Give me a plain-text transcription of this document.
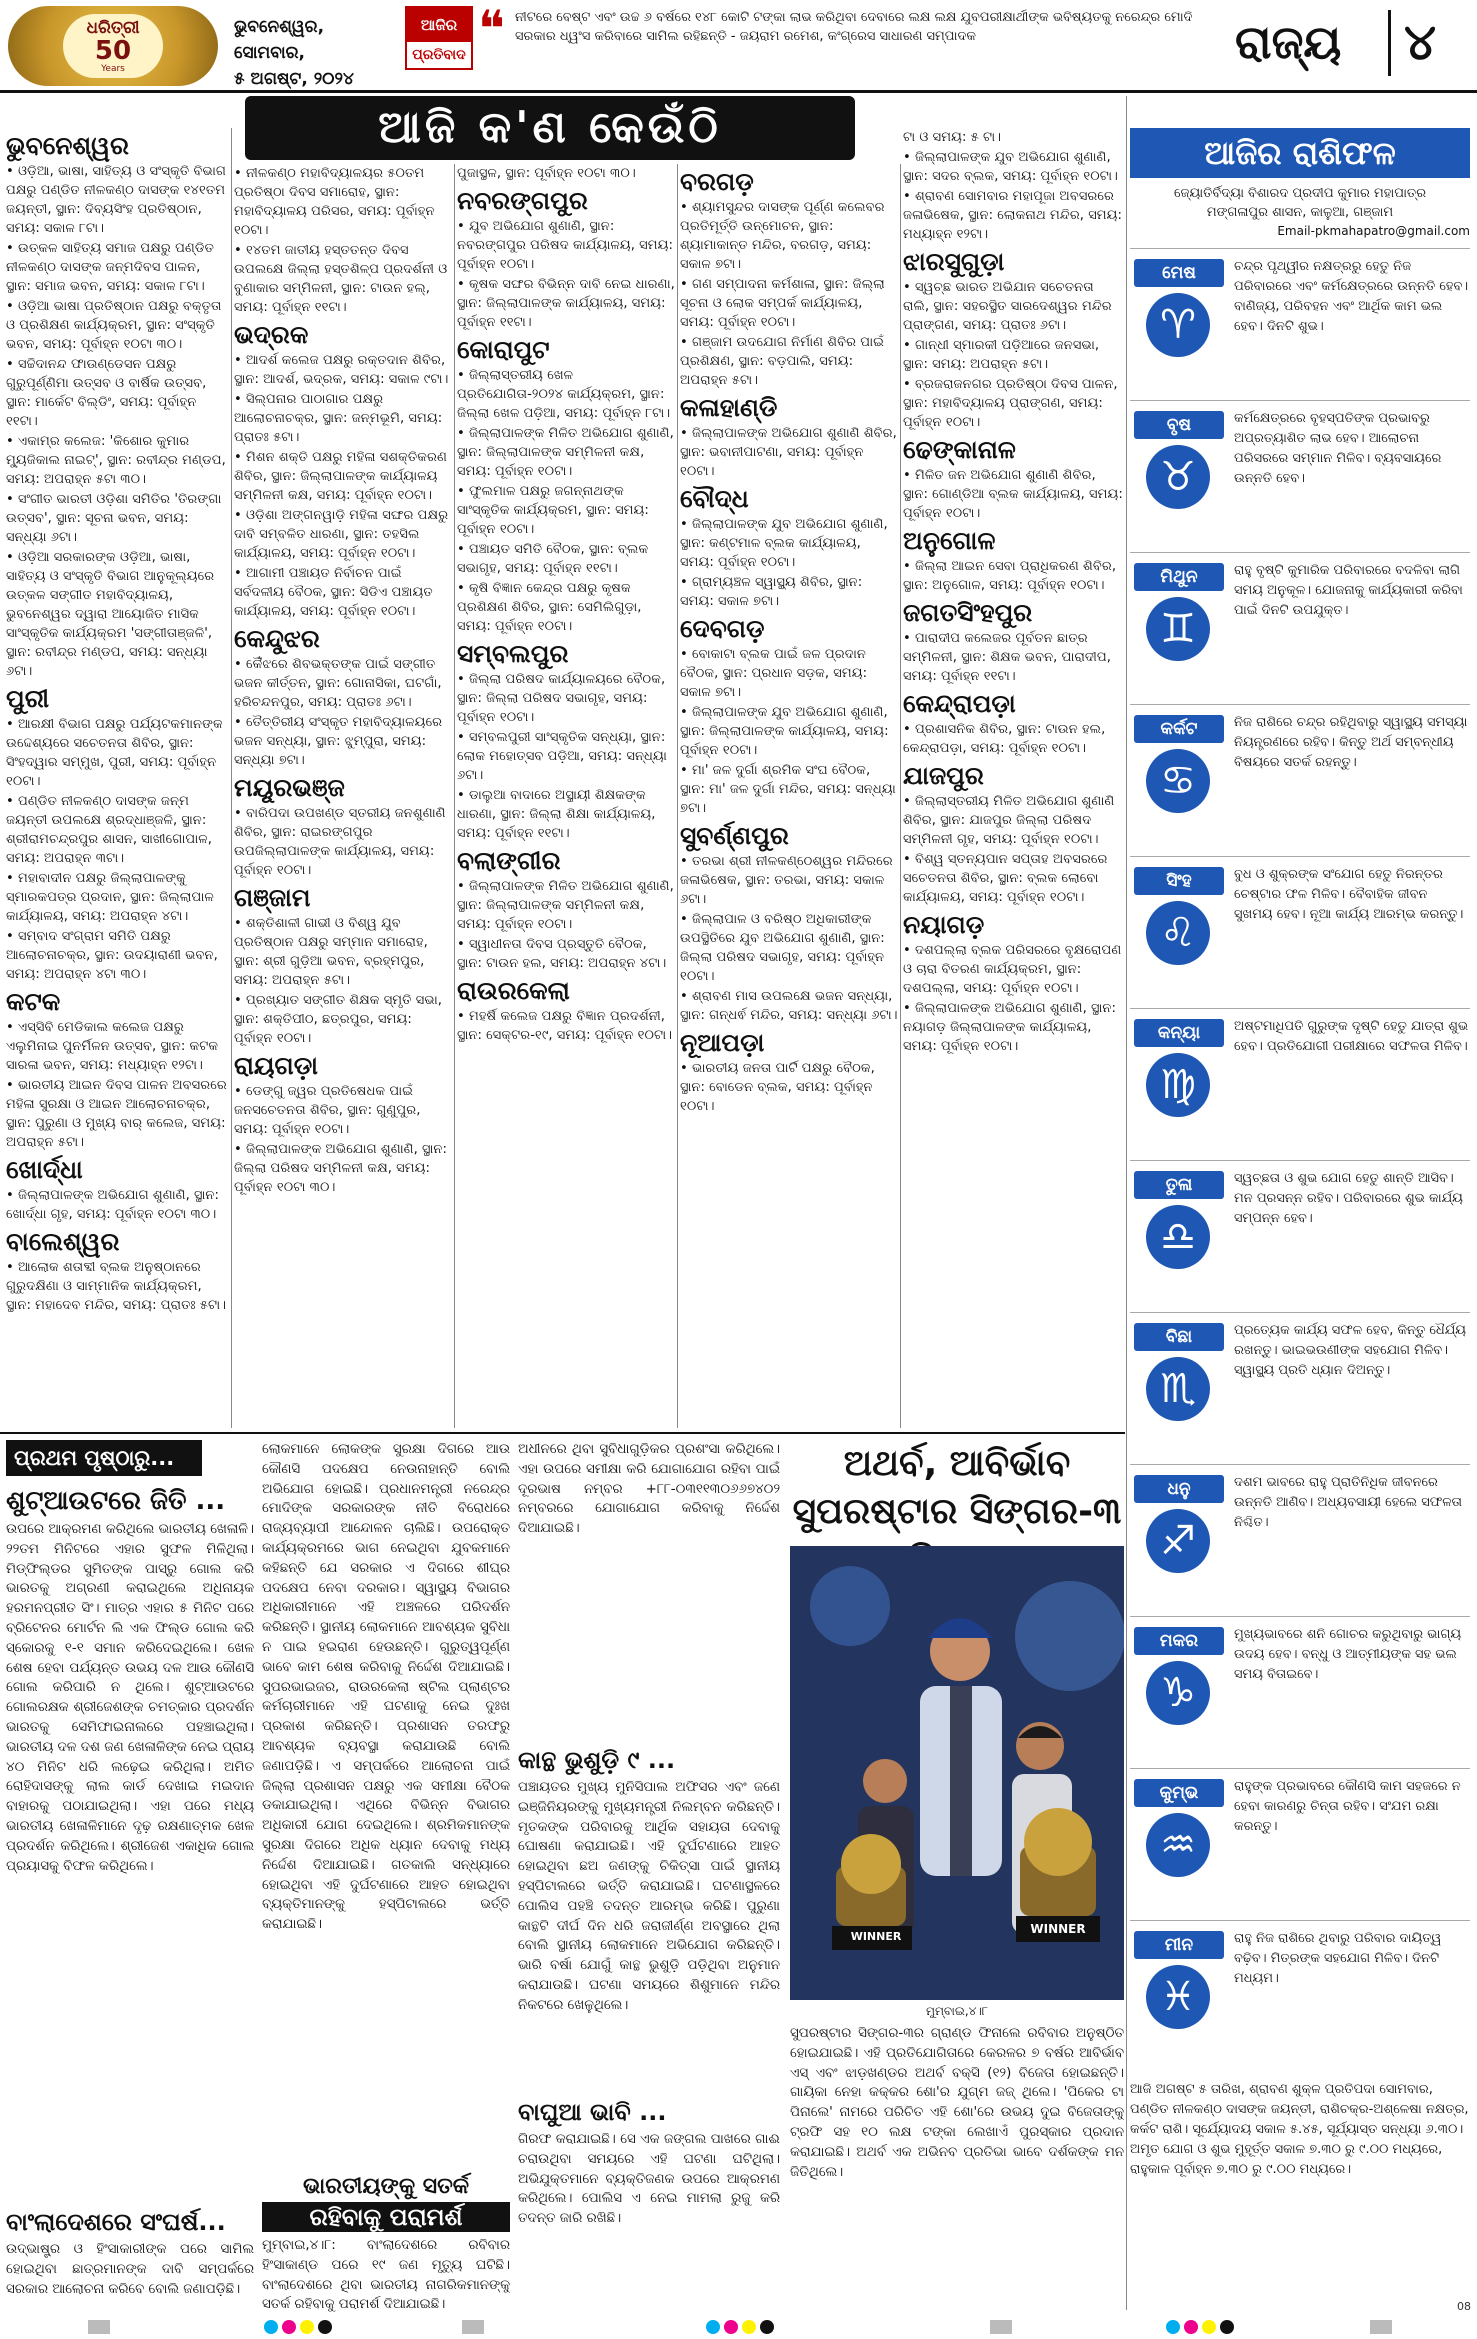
ଧରିତ୍ରୀ
50
Years
ଭୁବନେଶ୍ୱର, ସୋମବାର,
୫ ଅଗଷ୍ଟ, ୨୦୨୪
ଆଜିର
ପ୍ରତିବାଦ ❝ ନୀଟରେ ବେଷ୍ଟ ଏବଂ ଉଚ୍ଚ ୬ ବର୍ଷରେ ୧୪୮ କୋଟି ଟଙ୍କା ଲାଭ କରିଥିବା ଦେବାରେ ଲକ୍ଷ ଲକ୍ଷ ଯୁବପରୀକ୍ଷାର୍ଥୀଙ୍କ ଭବିଷ୍ୟତକୁ ନରେନ୍ଦ୍ର ମୋଦି ସରକାର ଧ୍ୱଂସ କରିବାରେ ସାମିଲ ରହିଛନ୍ତି - ଜୟରାମ ରମେଶ, କଂଗ୍ରେସ ସାଧାରଣ ସମ୍ପାଦକ	ରାଜ୍ୟ ୪
ଆଜି କ'ଣ କେଉଁଠି
ଭୁବନେଶ୍ୱର
• ଓଡ଼ିଆ, ଭାଷା, ସାହିତ୍ୟ ଓ ସଂସ୍କୃତି ବିଭାଗ ପକ୍ଷରୁ ପଣ୍ଡିତ ନୀଳକଣ୍ଠ ଦାସଙ୍କ ୧୪୧ତମ ଜୟନ୍ତୀ, ସ୍ଥାନ: ଦିବ୍ୟସିଂହ ପ୍ରତିଷ୍ଠାନ, ସମୟ: ସକାଳ ୮ଟା।
• ଉତ୍କଳ ସାହିତ୍ୟ ସମାଜ ପକ୍ଷରୁ ପଣ୍ଡିତ ନୀଳକଣ୍ଠ ଦାସଙ୍କ ଜନ୍ମଦିବସ ପାଳନ, ସ୍ଥାନ: ସମାଜ ଭବନ, ସମୟ: ସକାଳ ୮ଟା।
• ଓଡ଼ିଆ ଭାଷା ପ୍ରତିଷ୍ଠାନ ପକ୍ଷରୁ ବକ୍ତୃତା ଓ ପ୍ରଶିକ୍ଷଣ କାର୍ଯ୍ୟକ୍ରମ, ସ୍ଥାନ: ସଂସ୍କୃତି ଭବନ, ସମୟ: ପୂର୍ବାହ୍ନ ୧୦ଟା ୩୦।
• ସଚ୍ଚିଦାନନ୍ଦ ଫାଉଣ୍ଡେସନ ପକ୍ଷରୁ ଗୁରୁପୂର୍ଣ୍ଣିମା ଉତ୍ସବ ଓ ବାର୍ଷିକ ଉତ୍ସବ, ସ୍ଥାନ: ମାର୍କେଟ ବିଲ୍ଡିଂ, ସମୟ: ପୂର୍ବାହ୍ନ ୧୧ଟା।
• ଏକାମ୍ର କଲେଜ: 'କିଶୋର କୁମାର ମ୍ୟୁଜିକାଲ ନାଇଟ୍', ସ୍ଥାନ: ରବୀନ୍ଦ୍ର ମଣ୍ଡପ, ସମୟ: ଅପରାହ୍ନ ୫ଟା ୩୦।
• ସଂଗୀତ ଭାରତୀ ଓଡ଼ିଶା ସମିତିର 'ତିରଙ୍ଗା ଉତ୍ସବ', ସ୍ଥାନ: ସୂଚନା ଭବନ, ସମୟ: ସନ୍ଧ୍ୟା ୬ଟା।
• ଓଡ଼ିଆ ସରକାରଙ୍କ ଓଡ଼ିଆ, ଭାଷା, ସାହିତ୍ୟ ଓ ସଂସ୍କୃତି ବିଭାଗ ଆନୁକୂଲ୍ୟରେ ଉତ୍କଳ ସଙ୍ଗୀତ ମହାବିଦ୍ୟାଳୟ, ଭୁବନେଶ୍ୱର ଦ୍ୱାରା ଆୟୋଜିତ ମାସିକ ସାଂସ୍କୃତିକ କାର୍ଯ୍ୟକ୍ରମ 'ସଙ୍ଗୀତାଞ୍ଜଳି', ସ୍ଥାନ: ରବୀନ୍ଦ୍ର ମଣ୍ଡପ, ସମୟ: ସନ୍ଧ୍ୟା ୬ଟା।
ପୁରୀ
• ଆରକ୍ଷୀ ବିଭାଗ ପକ୍ଷରୁ ପର୍ଯ୍ୟଟକମାନଙ୍କ ଉଦ୍ଦେଶ୍ୟରେ ସଚେତନତା ଶିବିର, ସ୍ଥାନ: ସିଂହଦ୍ୱାର ସମ୍ମୁଖ, ପୁରୀ, ସମୟ: ପୂର୍ବାହ୍ନ ୧୦ଟା।
• ପଣ୍ଡିତ ନୀଳକଣ୍ଠ ଦାସଙ୍କ ଜନ୍ମ ଜୟନ୍ତୀ ଉପଲକ୍ଷେ ଶ୍ରଦ୍ଧାଞ୍ଜଳି, ସ୍ଥାନ: ଶ୍ରୀରାମଚନ୍ଦ୍ରପୁର ଶାସନ, ସାଖୀଗୋପାଳ, ସମୟ: ଅପରାହ୍ନ ୩ଟା।
• ମହାବାଦୀନ ପକ୍ଷରୁ ଜିଲ୍ଲାପାଳଙ୍କୁ ସ୍ମାରକପତ୍ର ପ୍ରଦାନ, ସ୍ଥାନ: ଜିଲ୍ଲାପାଳ କାର୍ଯ୍ୟାଳୟ, ସମୟ: ଅପରାହ୍ନ ୪ଟା।
• ସମ୍ବାଦ ସଂଗ୍ରାମ ସମିତି ପକ୍ଷରୁ ଆଲୋଚନାଚକ୍ର, ସ୍ଥାନ: ଉଦୟାରାଣୀ ଭବନ, ସମୟ: ଅପରାହ୍ନ ୪ଟା ୩୦।
କଟକ
• ଏସ୍‌ସିବି ମେଡିକାଲ କଲେଜ ପକ୍ଷରୁ ଏଲୁମିନାଇ ପୁନର୍ମିଳନ ଉତ୍ସବ, ସ୍ଥାନ: କଟକ ସାରଳା ଭବନ, ସମୟ: ମଧ୍ୟାହ୍ନ ୧୨ଟା।
• ଭାରତୀୟ ଆଇନ ଦିବସ ପାଳନ ଅବସରରେ ମହିଳା ସୁରକ୍ଷା ଓ ଆଇନ ଆଲୋଚନାଚକ୍ର, ସ୍ଥାନ: ପୁରୁଣା ଓ ମୁଖ୍ୟ ବାର୍ କଲେଜ, ସମୟ: ଅପରାହ୍ନ ୫ଟା।
ଖୋର୍ଦ୍ଧା
• ଜିଲ୍ଲାପାଳଙ୍କ ଅଭିଯୋଗ ଶୁଣାଣି, ସ୍ଥାନ: ଖୋର୍ଦ୍ଧା ଗୃହ, ସମୟ: ପୂର୍ବାହ୍ନ ୧୦ଟା ୩୦।
ବାଲେଶ୍ୱର
• ଆଲୋକ ଶତାବ୍ଦୀ ବ୍ଲକ ଅନୁଷ୍ଠାନରେ ଗୁରୁଦକ୍ଷିଣା ଓ ସାମ୍ମାନିକ କାର୍ଯ୍ୟକ୍ରମ, ସ୍ଥାନ: ମହାଦେବ ମନ୍ଦିର, ସମୟ: ପ୍ରାତଃ ୫ଟା।
• ନୀଳକଣ୍ଠ ମହାବିଦ୍ୟାଳୟର ୫୦ତମ ପ୍ରତିଷ୍ଠା ଦିବସ ସମାରୋହ, ସ୍ଥାନ: ମହାବିଦ୍ୟାଳୟ ପରିସର, ସମୟ: ପୂର୍ବାହ୍ନ ୧୦ଟା।
• ୧୪ତମ ଜାତୀୟ ହସ୍ତତନ୍ତ ଦିବସ ଉପଲକ୍ଷେ ଜିଲ୍ଲା ହସ୍ତଶିଳ୍ପ ପ୍ରଦର୍ଶନୀ ଓ ବୁଣାକାର ସମ୍ମିଳନୀ, ସ୍ଥାନ: ଟାଉନ ହଲ୍, ସମୟ: ପୂର୍ବାହ୍ନ ୧୧ଟା।
ଭଦ୍ରକ
• ଆଦର୍ଶ କଲେଜ ପକ୍ଷରୁ ରକ୍ତଦାନ ଶିବିର, ସ୍ଥାନ: ଆଦର୍ଶ, ଭଦ୍ରକ, ସମୟ: ସକାଳ ୯ଟା।
• ସିଲ୍ପନାର ପାଠାଗାର ପକ୍ଷରୁ ଆଲୋଚନାଚକ୍ର, ସ୍ଥାନ: ଜନ୍ମଭୂମି, ସମୟ: ପ୍ରାତଃ ୫ଟା।
• ମିଶନ ଶକ୍ତି ପକ୍ଷରୁ ମହିଳା ସଶକ୍ତିକରଣ ଶିବିର, ସ୍ଥାନ: ଜିଲ୍ଲାପାଳଙ୍କ କାର୍ଯ୍ୟାଳୟ ସମ୍ମିଳନୀ କକ୍ଷ, ସମୟ: ପୂର୍ବାହ୍ନ ୧୦ଟା।
• ଓଡ଼ିଶା ଅଙ୍ଗନୱାଡ଼ି ମହିଳା ସଙ୍ଘର ପକ୍ଷରୁ ଦାବି ସମ୍ବଳିତ ଧାରଣା, ସ୍ଥାନ: ତହସିଲ କାର୍ଯ୍ୟାଳୟ, ସମୟ: ପୂର୍ବାହ୍ନ ୧୦ଟା।
• ଆଗାମୀ ପଞ୍ଚାୟତ ନିର୍ବାଚନ ପାଇଁ ସର୍ବଦଳୀୟ ବୈଠକ, ସ୍ଥାନ: ସିଡିଏ ପଞ୍ଚାୟତ କାର୍ଯ୍ୟାଳୟ, ସମୟ: ପୂର୍ବାହ୍ନ ୧୦ଟା।
କେନ୍ଦୁଝର
• କୈଁଝରେ ଶିବଭକ୍ତଙ୍କ ପାଇଁ ସଙ୍ଗୀତ ଭଜନ କୀର୍ତ୍ତନ, ସ୍ଥାନ: ଗୋନାସିକା, ଘଟଗାଁ, ହରିଚନ୍ଦନପୁର, ସମୟ: ପ୍ରାତଃ ୬ଟା।
• ତୈତ୍ତିରୀୟ ସଂସ୍କୃତ ମହାବିଦ୍ୟାଳୟରେ ଭଜନ ସନ୍ଧ୍ୟା, ସ୍ଥାନ: ଝୁମ୍ପୁରା, ସମୟ: ସନ୍ଧ୍ୟା ୭ଟା।
ମୟୂରଭଞ୍ଜ
• ବାରିପଦା ଉପଖଣ୍ଡ ସ୍ତରୀୟ ଜନଶୁଣାଣି ଶିବିର, ସ୍ଥାନ: ରାଇରଙ୍ଗପୁର ଉପଜିଲ୍ଲାପାଳଙ୍କ କାର୍ଯ୍ୟାଳୟ, ସମୟ: ପୂର୍ବାହ୍ନ ୧୦ଟା।
ଗଞ୍ଜାମ
• ଶକ୍ତିଶାଳୀ ଗାଭୀ ଓ ବିଶ୍ୱ ଯୁବ ପ୍ରତିଷ୍ଠାନ ପକ୍ଷରୁ ସମ୍ମାନ ସମାରୋହ, ସ୍ଥାନ: ଶ୍ରୀ ଗୁଡ଼ିଆ ଭବନ, ବ୍ରହ୍ମପୁର, ସମୟ: ଅପରାହ୍ନ ୫ଟା।
• ପ୍ରଖ୍ୟାତ ସଙ୍ଗୀତ ଶିକ୍ଷକ ସ୍ମୃତି ସଭା, ସ୍ଥାନ: ଶକ୍ତିପୀଠ, ଛତ୍ରପୁର, ସମୟ: ପୂର୍ବାହ୍ନ ୧୦ଟା।
ରାୟଗଡ଼ା
• ଡେଙ୍ଗୁ ଜ୍ୱର ପ୍ରତିଷେଧକ ପାଇଁ ଜନସଚେତନତା ଶିବିର, ସ୍ଥାନ: ଗୁଣୁପୁର, ସମୟ: ପୂର୍ବାହ୍ନ ୧୦ଟା।
• ଜିଲ୍ଲାପାଳଙ୍କ ଅଭିଯୋଗ ଶୁଣାଣି, ସ୍ଥାନ: ଜିଲ୍ଲା ପରିଷଦ ସମ୍ମିଳନୀ କକ୍ଷ, ସମୟ: ପୂର୍ବାହ୍ନ ୧୦ଟା ୩୦।
ପୁଜାସ୍ଥଳ, ସ୍ଥାନ: ପୂର୍ବାହ୍ନ ୧୦ଟା ୩୦।
ନବରଙ୍ଗପୁର
• ଯୁବ ଅଭିଯୋଗ ଶୁଣାଣି, ସ୍ଥାନ: ନବରଙ୍ଗପୁର ପରିଷଦ କାର୍ଯ୍ୟାଳୟ, ସମୟ: ପୂର୍ବାହ୍ନ ୧୦ଟା।
• କୃଷକ ସଙ୍ଘର ବିଭିନ୍ନ ଦାବି ନେଇ ଧାରଣା, ସ୍ଥାନ: ଜିଲ୍ଲାପାଳଙ୍କ କାର୍ଯ୍ୟାଳୟ, ସମୟ: ପୂର୍ବାହ୍ନ ୧୧ଟା।
କୋରାପୁଟ
• ଜିଲ୍ଲାସ୍ତରୀୟ ଖେଳ ପ୍ରତିଯୋଗିତା-୨୦୨୪ କାର୍ଯ୍ୟକ୍ରମ, ସ୍ଥାନ: ଜିଲ୍ଲା ଖେଳ ପଡ଼ିଆ, ସମୟ: ପୂର୍ବାହ୍ନ ୮ଟା।
• ଜିଲ୍ଲାପାଳଙ୍କ ମିଳିତ ଅଭିଯୋଗ ଶୁଣାଣି, ସ୍ଥାନ: ଜିଲ୍ଲାପାଳଙ୍କ ସମ୍ମିଳନୀ କକ୍ଷ, ସମୟ: ପୂର୍ବାହ୍ନ ୧୦ଟା।
• ଫୁଲମାଳ ପକ୍ଷରୁ ଜଗନ୍ନାଥଙ୍କ ସାଂସ୍କୃତିକ କାର୍ଯ୍ୟକ୍ରମ, ସ୍ଥାନ: ସମୟ: ପୂର୍ବାହ୍ନ ୧୦ଟା।
• ପଞ୍ଚାୟତ ସମିତି ବୈଠକ, ସ୍ଥାନ: ବ୍ଲକ ସଭାଗୃହ, ସମୟ: ପୂର୍ବାହ୍ନ ୧୧ଟା।
• କୃଷି ବିଜ୍ଞାନ କେନ୍ଦ୍ର ପକ୍ଷରୁ କୃଷକ ପ୍ରଶିକ୍ଷଣ ଶିବିର, ସ୍ଥାନ: ସେମିଲିଗୁଡ଼ା, ସମୟ: ପୂର୍ବାହ୍ନ ୧୦ଟା।
ସମ୍ବଲପୁର
• ଜିଲ୍ଲା ପରିଷଦ କାର୍ଯ୍ୟାଳୟରେ ବୈଠକ, ସ୍ଥାନ: ଜିଲ୍ଲା ପରିଷଦ ସଭାଗୃହ, ସମୟ: ପୂର୍ବାହ୍ନ ୧୦ଟା।
• ସମ୍ବଲପୁରୀ ସାଂସ୍କୃତିକ ସନ୍ଧ୍ୟା, ସ୍ଥାନ: ଲୋକ ମହୋତ୍ସବ ପଡ଼ିଆ, ସମୟ: ସନ୍ଧ୍ୟା ୬ଟା।
• ଡାଲୁଆ ବାଦାରେ ଅସ୍ଥାୟୀ ଶିକ୍ଷକଙ୍କ ଧାରଣା, ସ୍ଥାନ: ଜିଲ୍ଲା ଶିକ୍ଷା କାର୍ଯ୍ୟାଳୟ, ସମୟ: ପୂର୍ବାହ୍ନ ୧୧ଟା।
ବଲାଙ୍ଗୀର
• ଜିଲ୍ଲାପାଳଙ୍କ ମିଳିତ ଅଭିଯୋଗ ଶୁଣାଣି, ସ୍ଥାନ: ଜିଲ୍ଲାପାଳଙ୍କ ସମ୍ମିଳନୀ କକ୍ଷ, ସମୟ: ପୂର୍ବାହ୍ନ ୧୦ଟା।
• ସ୍ୱାଧୀନତା ଦିବସ ପ୍ରସ୍ତୁତି ବୈଠକ, ସ୍ଥାନ: ଟାଉନ ହଲ, ସମୟ: ଅପରାହ୍ନ ୪ଟା।
ରାଉରକେଲା
• ମହର୍ଷି କଲେଜ ପକ୍ଷରୁ ବିଜ୍ଞାନ ପ୍ରଦର୍ଶନୀ, ସ୍ଥାନ: ସେକ୍ଟର-୧୯, ସମୟ: ପୂର୍ବାହ୍ନ ୧୦ଟା।
ବରଗଡ଼
• ଶ୍ୟାମସୁନ୍ଦର ଦାସଙ୍କ ପୂର୍ଣ୍ଣ କଲେବର ପ୍ରତିମୂର୍ତ୍ତି ଉନ୍ମୋଚନ, ସ୍ଥାନ: ଶ୍ୟାମାକାନ୍ତ ମନ୍ଦିର, ବରଗଡ଼, ସମୟ: ସକାଳ ୭ଟା।
• ଗଣ ସମ୍ପାଦନା କର୍ମଶାଳା, ସ୍ଥାନ: ଜିଲ୍ଲା ସୂଚନା ଓ ଲୋକ ସମ୍ପର୍କ କାର୍ଯ୍ୟାଳୟ, ସମୟ: ପୂର୍ବାହ୍ନ ୧୦ଟା।
• ଗଞ୍ଜାମ ଉଦଯୋଗ ନିର୍ମାଣ ଶିବିର ପାଇଁ ପ୍ରଶିକ୍ଷଣ, ସ୍ଥାନ: ବଡ଼ପାଲି, ସମୟ: ଅପରାହ୍ନ ୫ଟା।
କଳାହାଣ୍ଡି
• ଜିଲ୍ଲାପାଳଙ୍କ ଅଭିଯୋଗ ଶୁଣାଣି ଶିବିର, ସ୍ଥାନ: ଭବାନୀପାଟଣା, ସମୟ: ପୂର୍ବାହ୍ନ ୧୦ଟା।
ବୌଦ୍ଧ
• ଜିଲ୍ଲାପାଳଙ୍କ ଯୁବ ଅଭିଯୋଗ ଶୁଣାଣି, ସ୍ଥାନ: କଣ୍ଟମାଳ ବ୍ଲକ କାର୍ଯ୍ୟାଳୟ, ସମୟ: ପୂର୍ବାହ୍ନ ୧୦ଟା।
• ଗ୍ରାମ୍ୟଞ୍ଚଳ ସ୍ୱାସ୍ଥ୍ୟ ଶିବିର, ସ୍ଥାନ: ସମୟ: ସକାଳ ୭ଟା।
ଦେବଗଡ଼
• ବୋକାଟା ବ୍ଲକ ପାଇଁ ଜଳ ପ୍ରଦାନ ବୈଠକ, ସ୍ଥାନ: ପ୍ରଧାନ ସଡ଼କ, ସମୟ: ସକାଳ ୭ଟା।
• ଜିଲ୍ଲାପାଳଙ୍କ ଯୁବ ଅଭିଯୋଗ ଶୁଣାଣି, ସ୍ଥାନ: ଜିଲ୍ଲାପାଳଙ୍କ କାର୍ଯ୍ୟାଳୟ, ସମୟ: ପୂର୍ବାହ୍ନ ୧୦ଟା।
• ମା' ଜଳ ଦୁର୍ଗା ଶ୍ରମିକ ସଂଘ ବୈଠକ, ସ୍ଥାନ: ମା' ଜଳ ଦୁର୍ଗା ମନ୍ଦିର, ସମୟ: ସନ୍ଧ୍ୟା ୭ଟା।
ସୁବର୍ଣ୍ଣପୁର
• ତରଭା ଶ୍ରୀ ନୀଳକଣ୍ଠେଶ୍ୱର ମନ୍ଦିରରେ ଜଳାଭିଷେକ, ସ୍ଥାନ: ତରଭା, ସମୟ: ସକାଳ ୬ଟା।
• ଜିଲ୍ଲାପାଳ ଓ ବରିଷ୍ଠ ଅଧିକାରୀଙ୍କ ଉପସ୍ଥିତିରେ ଯୁବ ଅଭିଯୋଗ ଶୁଣାଣି, ସ୍ଥାନ: ଜିଲ୍ଲା ପରିଷଦ ସଭାଗୃହ, ସମୟ: ପୂର୍ବାହ୍ନ ୧୦ଟା।
• ଶ୍ରାବଣ ମାସ ଉପଲକ୍ଷେ ଭଜନ ସନ୍ଧ୍ୟା, ସ୍ଥାନ: ଗନ୍ଧର୍ଵ ମନ୍ଦିର, ସମୟ: ସନ୍ଧ୍ୟା ୬ଟା।
ନୂଆପଡ଼ା
• ଭାରତୀୟ ଜନତା ପାର୍ଟି ପକ୍ଷରୁ ବୈଠକ, ସ୍ଥାନ: ବୋଡେନ ବ୍ଲକ, ସମୟ: ପୂର୍ବାହ୍ନ ୧୦ଟା।
ଟା ଓ ସମୟ: ୫ ଟା।
• ଜିଲ୍ଲାପାଳଙ୍କ ଯୁବ ଅଭିଯୋଗ ଶୁଣାଣି, ସ୍ଥାନ: ସଦର ବ୍ଲକ, ସମୟ: ପୂର୍ବାହ୍ନ ୧୦ଟା।
• ଶ୍ରାବଣ ସୋମବାର ମହାପୂଜା ଅବସରରେ ଜଳାଭିଷେକ, ସ୍ଥାନ: ଲୋକନାଥ ମନ୍ଦିର, ସମୟ: ମଧ୍ୟାହ୍ନ ୧୨ଟା।
ଝାରସୁଗୁଡ଼ା
• ସ୍ୱଚ୍ଛ ଭାରତ ଅଭିଯାନ ସଚେତନତା ରାଲି, ସ୍ଥାନ: ସହରସ୍ଥିତ ସାରଦେଶ୍ୱର ମନ୍ଦିର ପ୍ରାଙ୍ଗଣ, ସମୟ: ପ୍ରାତଃ ୬ଟା।
• ଗାନ୍ଧୀ ସ୍ମାରକୀ ପଡ଼ିଆରେ ଜନସଭା, ସ୍ଥାନ: ସମୟ: ଅପରାହ୍ନ ୫ଟା।
• ବ୍ରଜରାଜନଗର ପ୍ରତିଷ୍ଠା ଦିବସ ପାଳନ, ସ୍ଥାନ: ମହାବିଦ୍ୟାଳୟ ପ୍ରାଙ୍ଗଣ, ସମୟ: ପୂର୍ବାହ୍ନ ୧୦ଟା।
ଢେଙ୍କାନାଳ
• ମିଳିତ ଜନ ଅଭିଯୋଗ ଶୁଣାଣି ଶିବିର, ସ୍ଥାନ: ଗୋଣ୍ଡିଆ ବ୍ଲକ କାର୍ଯ୍ୟାଳୟ, ସମୟ: ପୂର୍ବାହ୍ନ ୧୦ଟା।
ଅନୁଗୋଳ
• ଜିଲ୍ଲା ଆଇନ ସେବା ପ୍ରାଧିକରଣ ଶିବିର, ସ୍ଥାନ: ଅନୁଗୋଳ, ସମୟ: ପୂର୍ବାହ୍ନ ୧୦ଟା।
ଜଗତସିଂହପୁର
• ପାରାଦୀପ କଲେଜର ପୂର୍ବତନ ଛାତ୍ର ସମ୍ମିଳନୀ, ସ୍ଥାନ: ଶିକ୍ଷକ ଭବନ, ପାରାଦୀପ, ସମୟ: ପୂର୍ବାହ୍ନ ୧୧ଟା।
କେନ୍ଦ୍ରାପଡ଼ା
• ପ୍ରଶାସନିକ ଶିବିର, ସ୍ଥାନ: ଟାଉନ ହଲ, କେନ୍ଦ୍ରାପଡ଼ା, ସମୟ: ପୂର୍ବାହ୍ନ ୧୦ଟା।
ଯାଜପୁର
• ଜିଲ୍ଲାସ୍ତରୀୟ ମିଳିତ ଅଭିଯୋଗ ଶୁଣାଣି ଶିବିର, ସ୍ଥାନ: ଯାଜପୁର ଜିଲ୍ଲା ପରିଷଦ ସମ୍ମିଳନୀ ଗୃହ, ସମୟ: ପୂର୍ବାହ୍ନ ୧୦ଟା।
• ବିଶ୍ୱ ସ୍ତନ୍ୟପାନ ସପ୍ତାହ ଅବସରରେ ସଚେତନତା ଶିବିର, ସ୍ଥାନ: ବ୍ଲକ ଲୋବୋ କାର୍ଯ୍ୟାଳୟ, ସମୟ: ପୂର୍ବାହ୍ନ ୧୦ଟା।
ନୟାଗଡ଼
• ଦଶପଲ୍ଲା ବ୍ଲକ ପରିସରରେ ବୃକ୍ଷରୋପଣ ଓ ଚାରା ବିତରଣ କାର୍ଯ୍ୟକ୍ରମ, ସ୍ଥାନ: ଦଶପଲ୍ଲା, ସମୟ: ପୂର୍ବାହ୍ନ ୧୦ଟା।
• ଜିଲ୍ଲାପାଳଙ୍କ ଅଭିଯୋଗ ଶୁଣାଣି, ସ୍ଥାନ: ନୟାଗଡ଼ ଜିଲ୍ଲାପାଳଙ୍କ କାର୍ଯ୍ୟାଳୟ, ସମୟ: ପୂର୍ବାହ୍ନ ୧୦ଟା।
ଆଜିର ରାଶିଫଳ
ଜ୍ୟୋତିର୍ବିଦ୍ୟା ବିଶାରଦ ପ୍ରଦୀପ କୁମାର ମହାପାତ୍ର
ମଙ୍ଗଳାପୁର ଶାସନ, କାଳୁଆ, ଗଞ୍ଜାମ
Email-pkmahapatro@gmail.com
ମେଷ
♈
ଚନ୍ଦ୍ର ପୃଥ୍ୱୀର ନକ୍ଷତ୍ରରୁ ହେତୁ ନିଜ ପରିବାରରେ ଏବଂ କର୍ମକ୍ଷେତ୍ରରେ ଉନ୍ନତି ହେବ। ବାଣିଜ୍ୟ, ପରିବହନ ଏବଂ ଆର୍ଥିକ କାମ ଭଲ ହେବ। ଦିନଟି ଶୁଭ।
ବୃଷ
♉
କର୍ମକ୍ଷେତ୍ରରେ ବୃହସ୍ପତିଙ୍କ ପ୍ରଭାବରୁ ଅପ୍ରତ୍ୟାଶିତ ଲାଭ ହେବ। ଆଲୋଚନା ପରିସରରେ ସମ୍ମାନ ମିଳିବ। ବ୍ୟବସାୟରେ ଉନ୍ନତି ହେବ।
ମିଥୁନ
♊
ରାହୁ ବୃଷ୍ଟି କୁମାରିକ ପରିବାରରେ ବଦଳିବା ଲାଗି ସମୟ ଅନୁକୂଳ। ଯୋଜନାକୁ କାର୍ଯ୍ୟକାରୀ କରିବା ପାଇଁ ଦିନଟି ଉପଯୁକ୍ତ।
କର୍କଟ
♋
ନିଜ ରାଶିରେ ଚନ୍ଦ୍ର ରହିଥିବାରୁ ସ୍ୱାସ୍ଥ୍ୟ ସମସ୍ୟା ନିୟନ୍ତ୍ରଣରେ ରହିବ। କିନ୍ତୁ ଅର୍ଥ ସମ୍ବନ୍ଧୀୟ ବିଷୟରେ ସତର୍କ ରହନ୍ତୁ।
ସିଂହ
♌
ବୁଧ ଓ ଶୁକ୍ରଙ୍କ ସଂଯୋଗ ହେତୁ ନିରନ୍ତର ଚେଷ୍ଟାର ଫଳ ମିଳିବ। ବୈବାହିକ ଜୀବନ ସୁଖମୟ ହେବ। ନୂଆ କାର୍ଯ୍ୟ ଆରମ୍ଭ କରନ୍ତୁ।
କନ୍ୟା
♍
ଅଷ୍ଟମାଧିପତି ଗୁରୁଙ୍କ ଦୃଷ୍ଟି ହେତୁ ଯାତ୍ରା ଶୁଭ ହେବ। ପ୍ରତିଯୋଗୀ ପରୀକ୍ଷାରେ ସଫଳତା ମିଳିବ।
ତୁଳା
♎
ସ୍ୱଚ୍ଛତା ଓ ଶୁଭ ଯୋଗ ହେତୁ ଶାନ୍ତି ଆସିବ। ମନ ପ୍ରସନ୍ନ ରହିବ। ପରିବାରରେ ଶୁଭ କାର୍ଯ୍ୟ ସମ୍ପନ୍ନ ହେବ।
ବିଛା
♏
ପ୍ରତ୍ୟେକ କାର୍ଯ୍ୟ ସଫଳ ହେବ, କିନ୍ତୁ ଧୈର୍ଯ୍ୟ ରଖନ୍ତୁ। ଭାଇଭଉଣୀଙ୍କ ସହଯୋଗ ମିଳିବ। ସ୍ୱାସ୍ଥ୍ୟ ପ୍ରତି ଧ୍ୟାନ ଦିଅନ୍ତୁ।
ଧନୁ
♐
ଦଶମ ଭାବରେ ରାହୁ ପ୍ରାତିନିଧିକ ଜୀବନରେ ଉନ୍ନତି ଆଣିବ। ଅଧ୍ୟବସାୟୀ ହେଲେ ସଫଳତା ନିଶ୍ଚିତ।
ମକର
♑
ମୁଖ୍ୟଭାବରେ ଶନି ଗୋଚର କରୁଥିବାରୁ ଭାଗ୍ୟ ଉଦୟ ହେବ। ବନ୍ଧୁ ଓ ଆତ୍ମୀୟଙ୍କ ସହ ଭଲ ସମୟ ବିତାଇବେ।
କୁମ୍ଭ
♒
ରାହୁଙ୍କ ପ୍ରଭାବରେ କୌଣସି କାମ ସହଜରେ ନ ହେବା କାରଣରୁ ଚିନ୍ତା ରହିବ। ସଂଯମ ରକ୍ଷା କରନ୍ତୁ।
ମୀନ
♓
ରାହୁ ନିଜ ରାଶିରେ ଥିବାରୁ ପରିବାର ଦାୟିତ୍ୱ ବଢ଼ିବ। ମିତ୍ରଙ୍କ ସହଯୋଗ ମିଳିବ। ଦିନଟି ମଧ୍ୟମ।
ଆଜି ଅଗଷ୍ଟ ୫ ତାରିଖ, ଶ୍ରାବଣ ଶୁକ୍ଳ ପ୍ରତିପଦା ସୋମବାର, ପଣ୍ଡିତ ନୀଳକଣ୍ଠ ଦାସଙ୍କ ଜୟନ୍ତୀ, ରାଶିଚକ୍ର-ଅଶ୍ଳେଷା ନକ୍ଷତ୍ର, କର୍କଟ ରାଶି। ସୂର୍ଯ୍ୟୋଦୟ ସକାଳ ୫.୪୫, ସୂର୍ଯ୍ୟାସ୍ତ ସନ୍ଧ୍ୟା ୬.୩୦। ଅମୃତ ଯୋଗ ଓ ଶୁଭ ମୁହୂର୍ତ୍ତ ସକାଳ ୭.୩୦ ରୁ ୯.୦୦ ମଧ୍ୟରେ, ରାହୁକାଳ ପୂର୍ବାହ୍ନ ୭.୩୦ ରୁ ୯.୦୦ ମଧ୍ୟରେ।
ପ୍ରଥମ ପୃଷ୍ଠାରୁ...
ଶୁଟ୍‌ଆଉଟରେ ଜିତି ...
ଉପରେ ଆକ୍ରମଣ କରିଥିଲେ ଭାରତୀୟ ଖେଳାଳି। ୨୨ତମ ମିନିଟରେ ଏହାର ସୁଫଳ ମିଳିଥିଲା। ମିଡ୍‌ଫିଲ୍ଡର ସୁମିତଙ୍କ ପାସ୍‌ରୁ ଗୋଲ କରି ଭାରତକୁ ଅଗ୍ରଣୀ କରାଇଥିଲେ ଅଧିନାୟକ ହରମନପ୍ରୀତ ସିଂ। ମାତ୍ର ଏହାର ୫ ମିନିଟ ପରେ ବ୍ରିଟେନର ମୋର୍ଟନ ଲି ଏକ ଫିଲ୍ଡ ଗୋଲ କରି ସ୍କୋରକୁ ୧-୧ ସମାନ କରିଦେଇଥିଲେ। ଖେଳ ଶେଷ ହେବା ପର୍ଯ୍ୟନ୍ତ ଉଭୟ ଦଳ ଆଉ କୌଣସି ଗୋଲ କରିପାରି ନ ଥିଲେ। ଶୁଟ୍‌ଆଉଟରେ ଗୋଲରକ୍ଷକ ଶ୍ରୀଜେଶଙ୍କ ଚମତ୍କାର ପ୍ରଦର୍ଶନ ଭାରତକୁ ସେମିଫାଇନାଲରେ ପହଞ୍ଚାଇଥିଲା। ଭାରତୀୟ ଦଳ ଦଶ ଜଣ ଖେଳାଳିଙ୍କ ନେଇ ପ୍ରାୟ ୪୦ ମିନିଟ ଧରି ଲଢ଼େଇ କରିଥିଲା। ଅମିତ ରୋହିଦାସଙ୍କୁ ଲାଲ କାର୍ଡ ଦେଖାଇ ମଇଦାନ ବାହାରକୁ ପଠାଯାଇଥିଲା। ଏହା ପରେ ମଧ୍ୟ ଭାରତୀୟ ଖେଳାଳିମାନେ ଦୃଢ଼ ରକ୍ଷଣାତ୍ମକ ଖେଳ ପ୍ରଦର୍ଶନ କରିଥିଲେ। ଶ୍ରୀଜେଶ ଏକାଧିକ ଗୋଲ ପ୍ରୟାସକୁ ବିଫଳ କରିଥିଲେ।
ଲୋକମାନେ ଲୋକଙ୍କ ସୁରକ୍ଷା ଦିଗରେ ଆଉ କୌଣସି ପଦକ୍ଷେପ ନେଉନାହାନ୍ତି ବୋଲି ଅଭିଯୋଗ ହୋଇଛି। ପ୍ରଧାନମନ୍ତ୍ରୀ ନରେନ୍ଦ୍ର ମୋଦିଙ୍କ ସରକାରଙ୍କ ନୀତି ବିରୋଧରେ ରାଜ୍ୟବ୍ୟାପୀ ଆନ୍ଦୋଳନ ଚାଲିଛି। ଉପରୋକ୍ତ କାର୍ଯ୍ୟକ୍ରମରେ ଭାଗ ନେଇଥିବା ଯୁବକମାନେ କହିଛନ୍ତି ଯେ ସରକାର ଏ ଦିଗରେ ଶୀଘ୍ର ପଦକ୍ଷେପ ନେବା ଦରକାର। ସ୍ୱାସ୍ଥ୍ୟ ବିଭାଗର ଅଧିକାରୀମାନେ ଏହି ଅଞ୍ଚଳରେ ପରିଦର୍ଶନ କରିଛନ୍ତି। ସ୍ଥାନୀୟ ଲୋକମାନେ ଆବଶ୍ୟକ ସୁବିଧା ନ ପାଇ ହଇରାଣ ହେଉଛନ୍ତି। ଗୁରୁତ୍ୱପୂର୍ଣ୍ଣ ଭାବେ କାମ ଶେଷ କରିବାକୁ ନିର୍ଦ୍ଦେଶ ଦିଆଯାଇଛି। ସୁପରଭାଇଜର, ରାଉରକେଲା ଷ୍ଟିଲ ପ୍ଲାଣ୍ଟର କର୍ମଚାରୀମାନେ ଏହି ଘଟଣାକୁ ନେଇ ଦୁଃଖ ପ୍ରକାଶ କରିଛନ୍ତି। ପ୍ରଶାସନ ତରଫରୁ ଆବଶ୍ୟକ ବ୍ୟବସ୍ଥା କରାଯାଉଛି ବୋଲି ଜଣାପଡ଼ିଛି। ଏ ସମ୍ପର୍କରେ ଆଲୋଚନା ପାଇଁ ଜିଲ୍ଲା ପ୍ରଶାସନ ପକ୍ଷରୁ ଏକ ସମୀକ୍ଷା ବୈଠକ ଡକାଯାଇଥିଲା। ଏଥିରେ ବିଭିନ୍ନ ବିଭାଗର ଅଧିକାରୀ ଯୋଗ ଦେଇଥିଲେ। ଶ୍ରମିକମାନଙ୍କ ସୁରକ୍ଷା ଦିଗରେ ଅଧିକ ଧ୍ୟାନ ଦେବାକୁ ମଧ୍ୟ ନିର୍ଦ୍ଦେଶ ଦିଆଯାଇଛି। ଗତକାଲି ସନ୍ଧ୍ୟାରେ ହୋଇଥିବା ଏହି ଦୁର୍ଘଟଣାରେ ଆହତ ହୋଇଥିବା ବ୍ୟକ୍ତିମାନଙ୍କୁ ହସ୍ପିଟାଲରେ ଭର୍ତ୍ତି କରାଯାଇଛି।
ଅଧୀନରେ ଥିବା ସୁବିଧାଗୁଡ଼ିକର ପ୍ରଶଂସା କରିଥିଲେ। ଏହା ଉପରେ ସମୀକ୍ଷା କରି ଯୋଗାଯୋଗ ରହିବା ପାଇଁ ଦୂରଭାଷ ନମ୍ବର +୮୮-୦୩୧୧୩୦୬୬୭୪୦୨ ନମ୍ବରରେ ଯୋଗାଯୋଗ କରିବାକୁ ନିର୍ଦ୍ଦେଶ ଦିଆଯାଇଛି।
ବାଂଲାଦେଶରେ ସଂଘର୍ଷ...
ଉଦ୍ଭାଷ୍ଟ୍ର ଓ ହିଂସାକାରୀଙ୍କ ପରେ ସାମିଲ ହୋଇଥିବା ଛାତ୍ରମାନଙ୍କ ଦାବି ସମ୍ପର୍କରେ ସରକାର ଆଲୋଚନା କରିବେ ବୋଲି ଜଣାପଡ଼ିଛି।
କାନ୍ଥ ଭୁଶୁଡ଼ି ୯ ...
ପଞ୍ଚାୟତର ମୁଖ୍ୟ ମୁନିସିପାଲ ଅଫିସର ଏବଂ ଜଣେ ଇଞ୍ଜିନିୟରଙ୍କୁ ମୁଖ୍ୟମନ୍ତ୍ରୀ ନିଲମ୍ବନ କରିଛନ୍ତି। ମୃତକଙ୍କ ପରିବାରକୁ ଆର୍ଥିକ ସହାୟତା ଦେବାକୁ ଘୋଷଣା କରାଯାଇଛି। ଏହି ଦୁର୍ଘଟଣାରେ ଆହତ ହୋଇଥିବା ଛଅ ଜଣଙ୍କୁ ଚିକିତ୍ସା ପାଇଁ ସ୍ଥାନୀୟ ହସ୍ପିଟାଲରେ ଭର୍ତ୍ତି କରାଯାଇଛି। ଘଟଣାସ୍ଥଳରେ ପୋଲିସ ପହଞ୍ଚି ତଦନ୍ତ ଆରମ୍ଭ କରିଛି। ପୁରୁଣା କାନ୍ଥଟି ଦୀର୍ଘ ଦିନ ଧରି ଜରାଜୀର୍ଣ୍ଣ ଅବସ୍ଥାରେ ଥିଲା ବୋଲି ସ୍ଥାନୀୟ ଲୋକମାନେ ଅଭିଯୋଗ କରିଛନ୍ତି। ଭାରି ବର୍ଷା ଯୋଗୁଁ କାନ୍ଥ ଭୁଶୁଡ଼ି ପଡ଼ିଥିବା ଅନୁମାନ କରାଯାଉଛି। ଘଟଣା ସମୟରେ ଶିଶୁମାନେ ମନ୍ଦିର ନିକଟରେ ଖେଳୁଥିଲେ।
ବାଘୁଆ ଭାବି ...
ଗିରଫ କରାଯାଇଛି। ସେ ଏକ ଜଙ୍ଗଲ ପାଖରେ ଗାଈ ଚରାଉଥିବା ସମୟରେ ଏହି ଘଟଣା ଘଟିଥିଲା। ଅଭିଯୁକ୍ତମାନେ ବ୍ୟକ୍ତିଜଣକ ଉପରେ ଆକ୍ରମଣ କରିଥିଲେ। ପୋଲିସ ଏ ନେଇ ମାମଲା ରୁଜୁ କରି ତଦନ୍ତ ଜାରି ରଖିଛି।
ଭାରତୀୟଙ୍କୁ ସତର୍କ
ରହିବାକୁ ପରାମର୍ଶ
ମୁମ୍ବାଇ,୪।୮: ବାଂଲାଦେଶରେ ରବିବାର ହିଂସାକାଣ୍ଡ ପରେ ୧୯ ଜଣ ମୃତ୍ୟୁ ଘଟିଛି। ବାଂଲାଦେଶରେ ଥିବା ଭାରତୀୟ ନାଗରିକମାନଙ୍କୁ ସତର୍କ ରହିବାକୁ ପରାମର୍ଶ ଦିଆଯାଇଛି।
ଅଥର୍ବ, ଆବିର୍ଭାବ ସୁପରଷ୍ଟାର ସିଙ୍ଗର-୩
WINNER
WINNER
ମୁମ୍ବାଇ,୪।୮
ସୁପରଷ୍ଟାର ସିଙ୍ଗର-୩ର ଗ୍ରାଣ୍ଡ ଫିନାଲେ ରବିବାର ଅନୁଷ୍ଠିତ ହୋଇଯାଇଛି। ଏହି ପ୍ରତିଯୋଗିତାରେ କେରଳର ୭ ବର୍ଷର ଆବିର୍ଭାବ ଏସ୍‌ ଏବଂ ଝାଡ଼ଖଣ୍ଡର ଅଥର୍ବ ବକ୍ସି (୧୨) ବିଜେତା ହୋଇଛନ୍ତି। ଗାୟିକା ନେହା କକ୍କର ଶୋ'ର ଯୁଗ୍ମ ଜଜ୍‌ ଥିଲେ। 'ପିକେର ଟା ପିନାଲେ' ନାମରେ ପରିଚିତ ଏହି ଶୋ'ରେ ଉଭୟ ଦୁଇ ବିଜେତାଙ୍କୁ ଟ୍ରଫି ସହ ୧୦ ଲକ୍ଷ ଟଙ୍କା ଲେଖାଏଁ ପୁରସ୍କାର ପ୍ରଦାନ କରାଯାଇଛି। ଅଥର୍ବ ଏକ ଅଭିନବ ପ୍ରତିଭା ଭାବେ ଦର୍ଶକଙ୍କ ମନ ଜିତିଥିଲେ।
08
